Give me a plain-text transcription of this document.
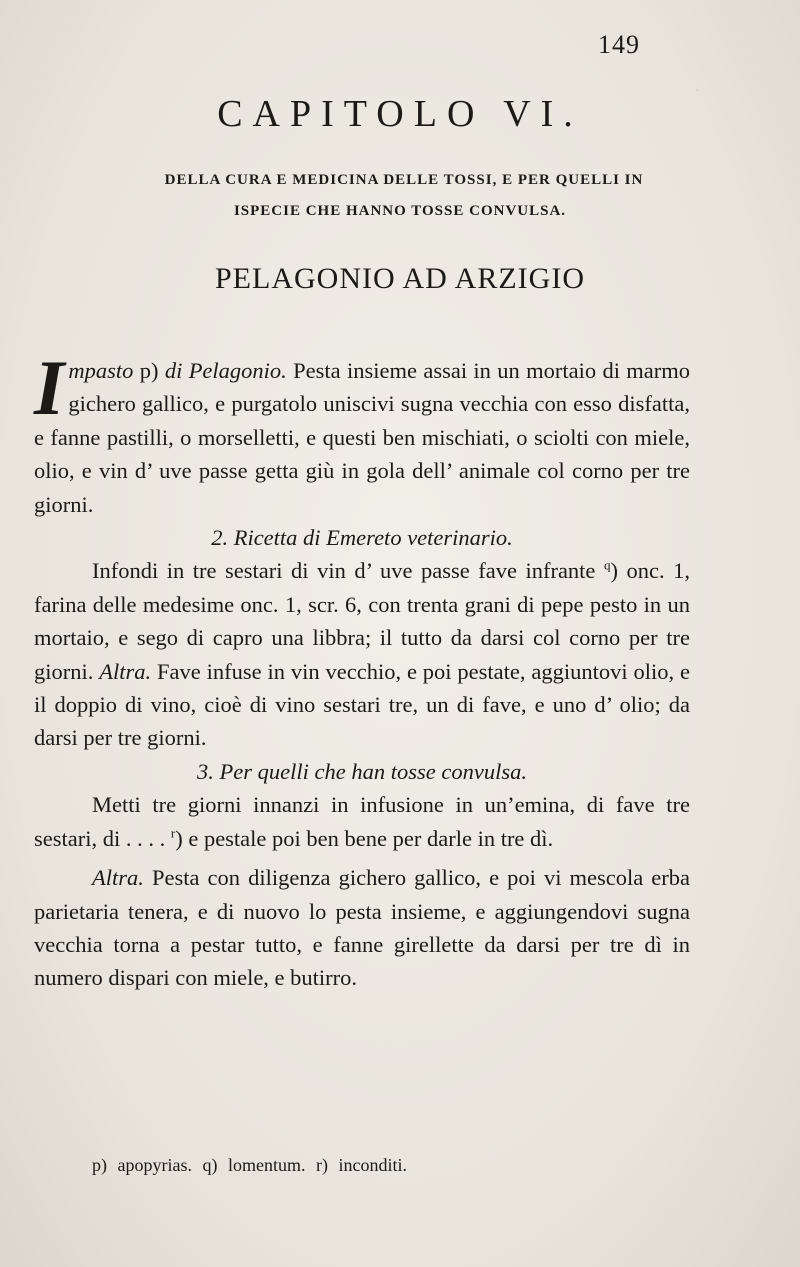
.
149
CAPITOLO VI.
DELLA CURA E MEDICINA DELLE TOSSI, E PER QUELLI IN
ISPECIE CHE HANNO TOSSE CONVULSA.
PELAGONIO AD ARZIGIO

Impasto p) di Pelagonio. Pesta insieme assai in un mortaio di marmo gichero gallico, e purgatolo uniscivi sugna vecchia con esso disfatta, e fanne pastilli, o morselletti, e questi ben mischiati, o sciolti con miele, olio, e vin d’ uve passe getta giù in gola dell’ animale col corno per tre giorni.

2. Ricetta di Emereto veterinario.

Infondi in tre sestari di vin d’ uve passe fave infrante $^q$) onc. 1, farina delle medesime onc. 1, scr. 6, con trenta grani di pepe pesto in un mortaio, e sego di capro una libbra; il tutto da darsi col corno per tre giorni. Altra. Fave infuse in vin vecchio, e poi pestate, aggiuntovi olio, e il doppio di vino, cioè di vino sestari tre, un di fave, e uno d’ olio; da darsi per tre giorni.

3. Per quelli che han tosse convulsa.

Metti tre giorni innanzi in infusione in un’emina, di fave tre sestari, di . . . . $^r$) e pestale poi ben bene per darle in tre dì.

Altra. Pesta con diligenza gichero gallico, e poi vi mescola erba parietaria tenera, e di nuovo lo pesta insieme, e aggiungendovi sugna vecchia torna a pestar tutto, e fanne girellette da darsi per tre dì in numero dispari con miele, e butirro.

p) apopyrias. q) lomentum. r) inconditi.
